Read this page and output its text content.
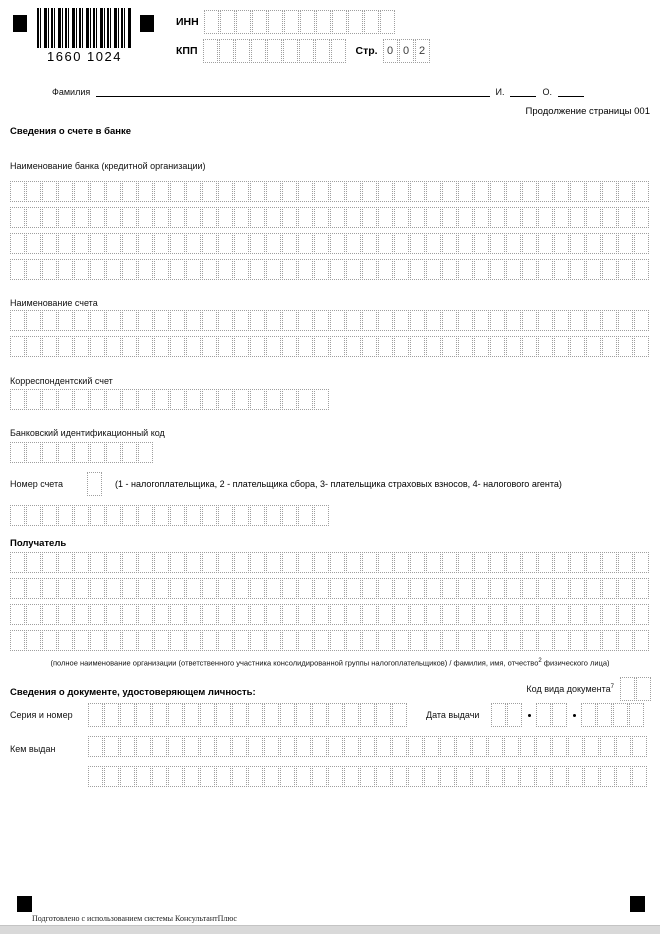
1660 1024
ИНН
КПП	Стр. 0 0 2
Фамилия	И.	О.
Продолжение страницы 001
Сведения о счете в банке
Наименование банка (кредитной организации)
Наименование счета
Корреспондентский счет
Банковский идентификационный код
Номер счета	(1 - налогоплательщика, 2 - плательщика сбора, 3- плательщика страховых взносов, 4- налогового агента)
Получатель
(полное наименование организации (ответственного участника консолидированной группы налогоплательщиков) / фамилия, имя, отчество$^2$ физического лица)
Сведения о документе, удостоверяющем личность:	Код вида документа$^7$
Серия и номер	Дата выдачи
Кем выдан
Подготовлено с использованием системы КонсультантПлюс
